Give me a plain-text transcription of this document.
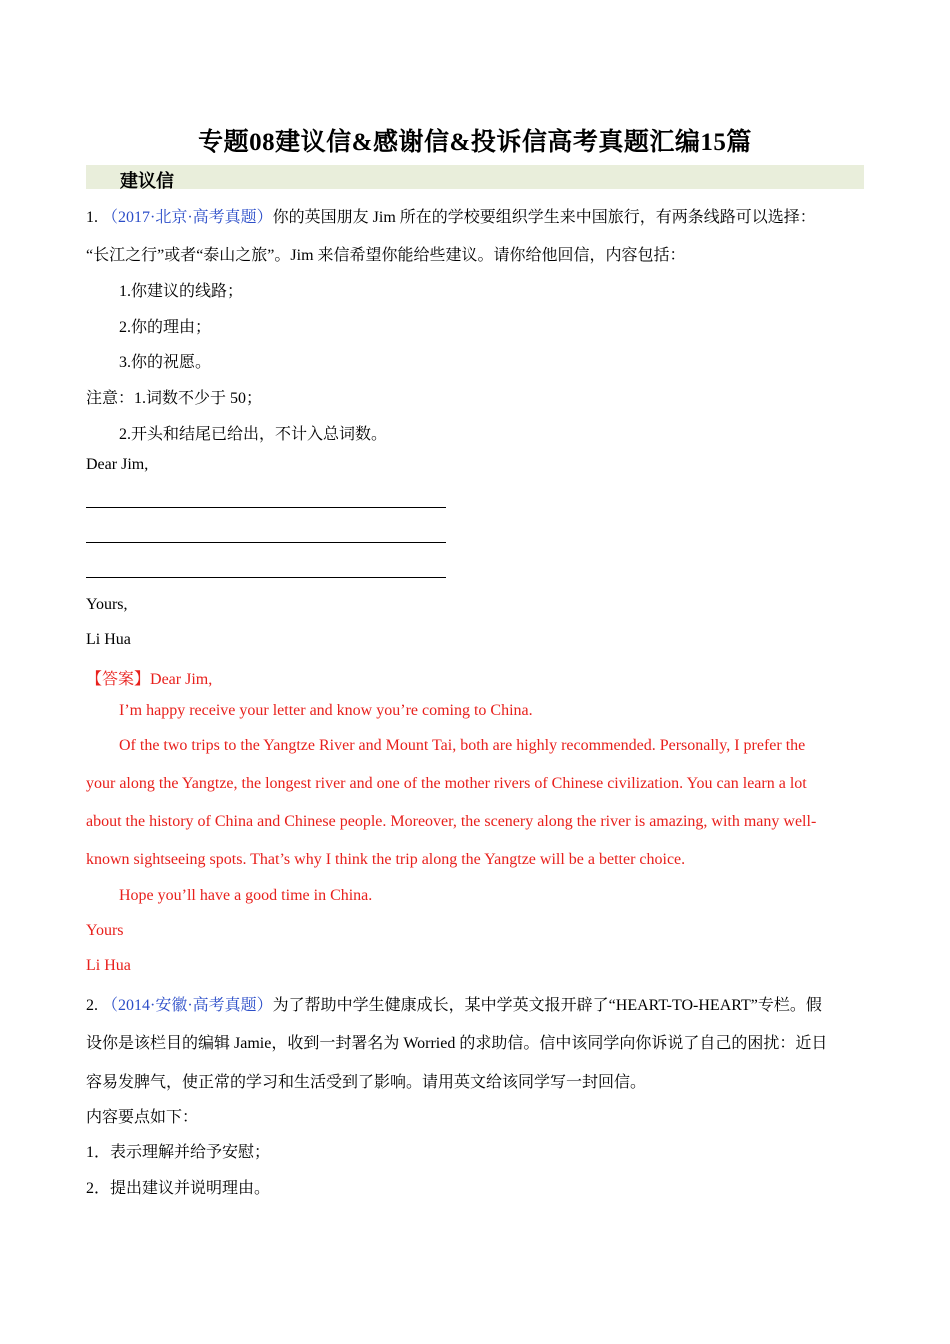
专题08建议信&感谢信&投诉信高考真题汇编15篇
建议信
1. （2017·北京·高考真题）你的英国朋友 Jim 所在的学校要组织学生来中国旅行，有两条线路可以选择：
“长江之行”或者“泰山之旅”。Jim 来信希望你能给些建议。请你给他回信，内容包括：
1.你建议的线路；
2.你的理由；
3.你的祝愿。
注意：1.词数不少于 50；
2.开头和结尾已给出，不计入总词数。
Dear Jim,
Yours,
Li Hua
【答案】Dear Jim,
I’m happy receive your letter and know you’re coming to China.
Of the two trips to the Yangtze River and Mount Tai, both are highly recommended. Personally, I prefer the
your along the Yangtze, the longest river and one of the mother rivers of Chinese civilization. You can learn a lot
about the history of China and Chinese people. Moreover, the scenery along the river is amazing, with many well-
known sightseeing spots. That’s why I think the trip along the Yangtze will be a better choice.
Hope you’ll have a good time in China.
Yours
Li Hua
2. （2014·安徽·高考真题）为了帮助中学生健康成长，某中学英文报开辟了“HEART-TO-HEART”专栏。假
设你是该栏目的编辑 Jamie，收到一封署名为 Worried 的求助信。信中该同学向你诉说了自己的困扰：近日
容易发脾气，使正常的学习和生活受到了影响。请用英文给该同学写一封回信。
内容要点如下：
1．表示理解并给予安慰；
2．提出建议并说明理由。
